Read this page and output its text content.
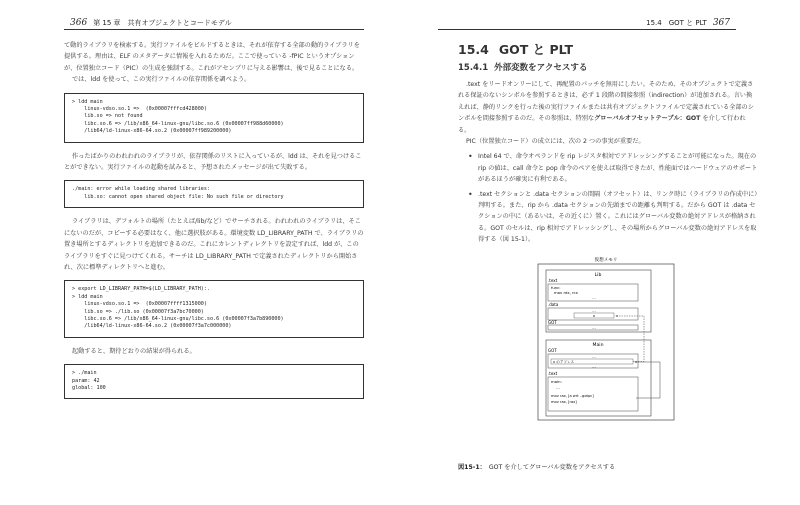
366 第 15 章　共有オブジェクトとコードモデル

て動的ライブラリを検索する。実行ファイルをビルドするときは、それが依存する全部の動的ライブラリを提供する。理由は、ELF のメタデータに情報を入れるためだ。ここで使っている -fPIC というオプションが、位置独立コード（PIC）の生成を強制する。これがアセンブリに与える影響は、後で見ることになる。

では、ldd を使って、この実行ファイルの依存関係を調べよう。

> ldd main
linux-vdso.so.1 =>  (0x00007fffcd428000)
lib.so => not found
libc.so.6 => /lib/x86_64-linux-gnu/libc.so.6 (0x00007ff988d60000)
/lib64/ld-linux-x86-64.so.2 (0x00007ff989200000)

作ったばかりのわれわれのライブラリが、依存関係のリストに入っているが、ldd は、それを見つけることができない。実行ファイルの起動を試みると、予想されたメッセージが出て失敗する。

./main: error while loading shared libraries:
lib.so: cannot open shared object file: No such file or directory

ライブラリは、デフォルトの場所（たとえば/lib/など）でサーチされる。われわれのライブラリは、そこにないのだが、コピーする必要はなく、他に選択肢がある。環境変数 LD_LIBRARY_PATH で、ライブラリの置き場所とするディレクトリを追加できるのだ。これにカレントディレクトリを設定すれば、ldd が、このライブラリをすぐに見つけてくれる。サーチは LD_LIBRARY_PATH で定義されたディレクトリから開始され、次に標準ディレクトリへと進む。

> export LD_LIBRARY_PATH=$(LD_LIBRARY_PATH):.
> ldd main
linux-vdso.so.1 =>  (0x00007ffff1315000)
lib.so => ./lib.so (0x00007f3a7bc70000)
libc.so.6 => /lib/x86_64-linux-gnu/libc.so.6 (0x00007f3a7b890000)
/lib64/ld-linux-x86-64.so.2 (0x00007f3a7c000000)

起動すると、期待どおりの結果が得られる。

> ./main
param: 42
global: 100
15.4　GOT と PLT 367
15.4 GOT と PLT
15.4.1 外部変数をアクセスする

.text をリードオンリーにして、再配置のパッチを無用にしたい。そのため、そのオブジェクトで定義される保証のないシンボルを参照するときは、必ず 1 段階の間接参照（indirection）が追加される。言い換えれば、静的リンクを行った後の実行ファイルまたは共有オブジェクトファイルで定義されている全部のシンボルを間接参照するのだ。その参照は、特別なグローバルオフセットテーブル：GOT を介して行われる。

PIC（位置独立コード）の成立には、次の 2 つの事実が重要だ。

• Intel 64 で、命令オペランドを rip レジスタ相対でアドレッシングすることが可能になった。現在の rip の値は、call 命令と pop 命令のペアを使えば取得できたが、性能面ではハードウェアのサポートがあるほうが確実に有利である。
• .text セクションと .data セクションの間隔（オフセット）は、リンク時に（ライブラリの作成中に）判明する。また、rip から .data セクションの先頭までの距離も判明する。だから GOT は .data セクションの中に（あるいは、その近くに）置く。これにはグローバル変数の絶対アドレスが格納される。GOT のセルは、rip 相対でアドレッシングし、その場所からグローバル変数の絶対アドレスを取得する（図 15-1）。
仮想メモリ
Lib
.text
func:
mov rdx, rcx
...
.data
...
x
GOT
...
Main
GOT
...
x のアドレス
...
.text
main:
...
mov rax, [a wrt ..gotpc]
mov rax, [rax]
図15-1： GOT を介してグローバル変数をアクセスする
